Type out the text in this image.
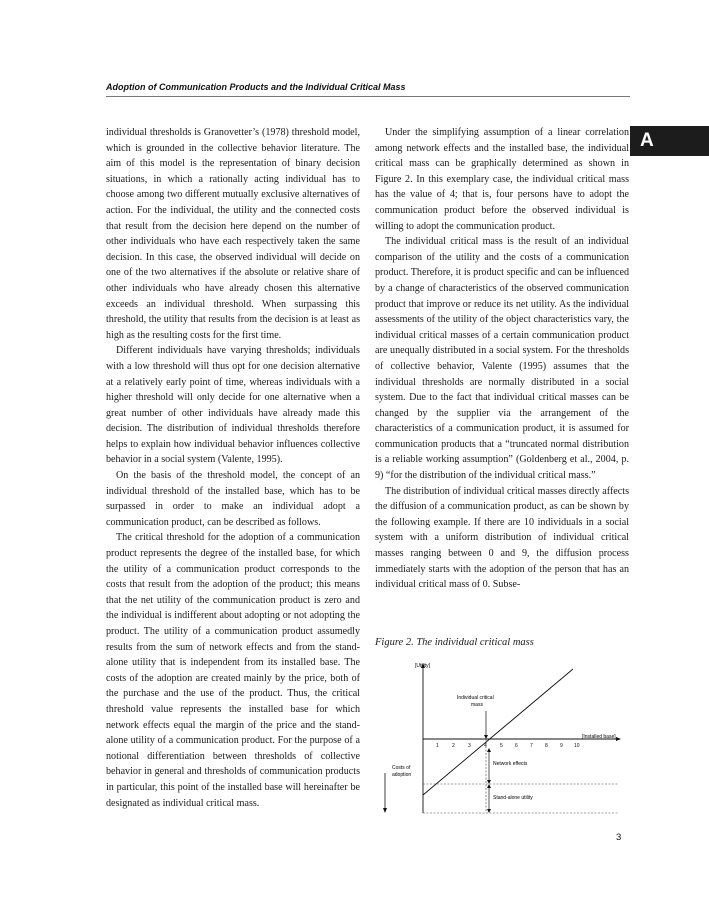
Adoption of Communication Products and the Individual Critical Mass
A

individual thresholds is Granovetter’s (1978) threshold model, which is grounded in the collective behavior literature. The aim of this model is the representation of binary decision situations, in which a rationally acting individual has to choose among two different mutually exclusive alternatives of action. For the individual, the utility and the connected costs that result from the decision here depend on the number of other individuals who have each respectively taken the same decision. In this case, the observed individual will decide on one of the two alternatives if the absolute or relative share of other individuals who have already chosen this alternative exceeds an individual threshold. When surpassing this threshold, the utility that results from the decision is at least as high as the resulting costs for the first time.

Different individuals have varying thresholds; individuals with a low threshold will thus opt for one decision alternative at a relatively early point of time, whereas individuals with a higher threshold will only decide for one alternative when a great number of other individuals have already made this decision. The distribution of individual thresholds therefore helps to explain how individual behavior influences collective behavior in a social system (Valente, 1995).

On the basis of the threshold model, the concept of an individual threshold of the installed base, which has to be surpassed in order to make an individual adopt a communication product, can be described as follows.

The critical threshold for the adoption of a communication product represents the degree of the installed base, for which the utility of a communication product corresponds to the costs that result from the adoption of the product; this means that the net utility of the communication product is zero and the individual is indifferent about adopting or not adopting the product. The utility of a communication product assumedly results from the sum of network effects and from the stand-alone utility that is independent from its installed base. The costs of the adoption are created mainly by the price, both of the purchase and the use of the product. Thus, the critical threshold value represents the installed base for which network effects equal the margin of the price and the stand-alone utility of a communication product. For the purpose of a notional differentiation between thresholds of collective behavior in general and thresholds of communication products in particular, this point of the installed base will hereinafter be designated as individual critical mass.

Under the simplifying assumption of a linear correlation among network effects and the installed base, the individual critical mass can be graphically determined as shown in Figure 2. In this exemplary case, the individual critical mass has the value of 4; that is, four persons have to adopt the communication product before the observed individual is willing to adopt the communication product.

The individual critical mass is the result of an individual comparison of the utility and the costs of a communication product. Therefore, it is product specific and can be influenced by a change of characteristics of the observed communication product that improve or reduce its net utility. As the individual assessments of the utility of the object characteristics vary, the individual critical masses of a certain communication product are unequally distributed in a social system. For the thresholds of collective behavior, Valente (1995) assumes that the individual thresholds are normally distributed in a social system. Due to the fact that individual critical masses can be changed by the supplier via the arrangement of the characteristics of a communication product, it is assumed for communication products that a “truncated normal distribution is a reliable working assumption” (Goldenberg et al., 2004, p. 9) “for the distribution of the individual critical mass.”

The distribution of individual critical masses directly affects the diffusion of a communication product, as can be shown by the following example. If there are 10 individuals in a social system with a uniform distribution of individual critical masses ranging between 0 and 9, the diffusion process immediately starts with the adoption of the person that has an individual critical mass of 0. Subse-

Figure 2. The individual critical mass
[Utility]
[Installed base]
1	2	3	4	5 6 7 8 9 10
Individual critical
mass
Costs of
adoption
Network effects
Stand-alone utility
3
